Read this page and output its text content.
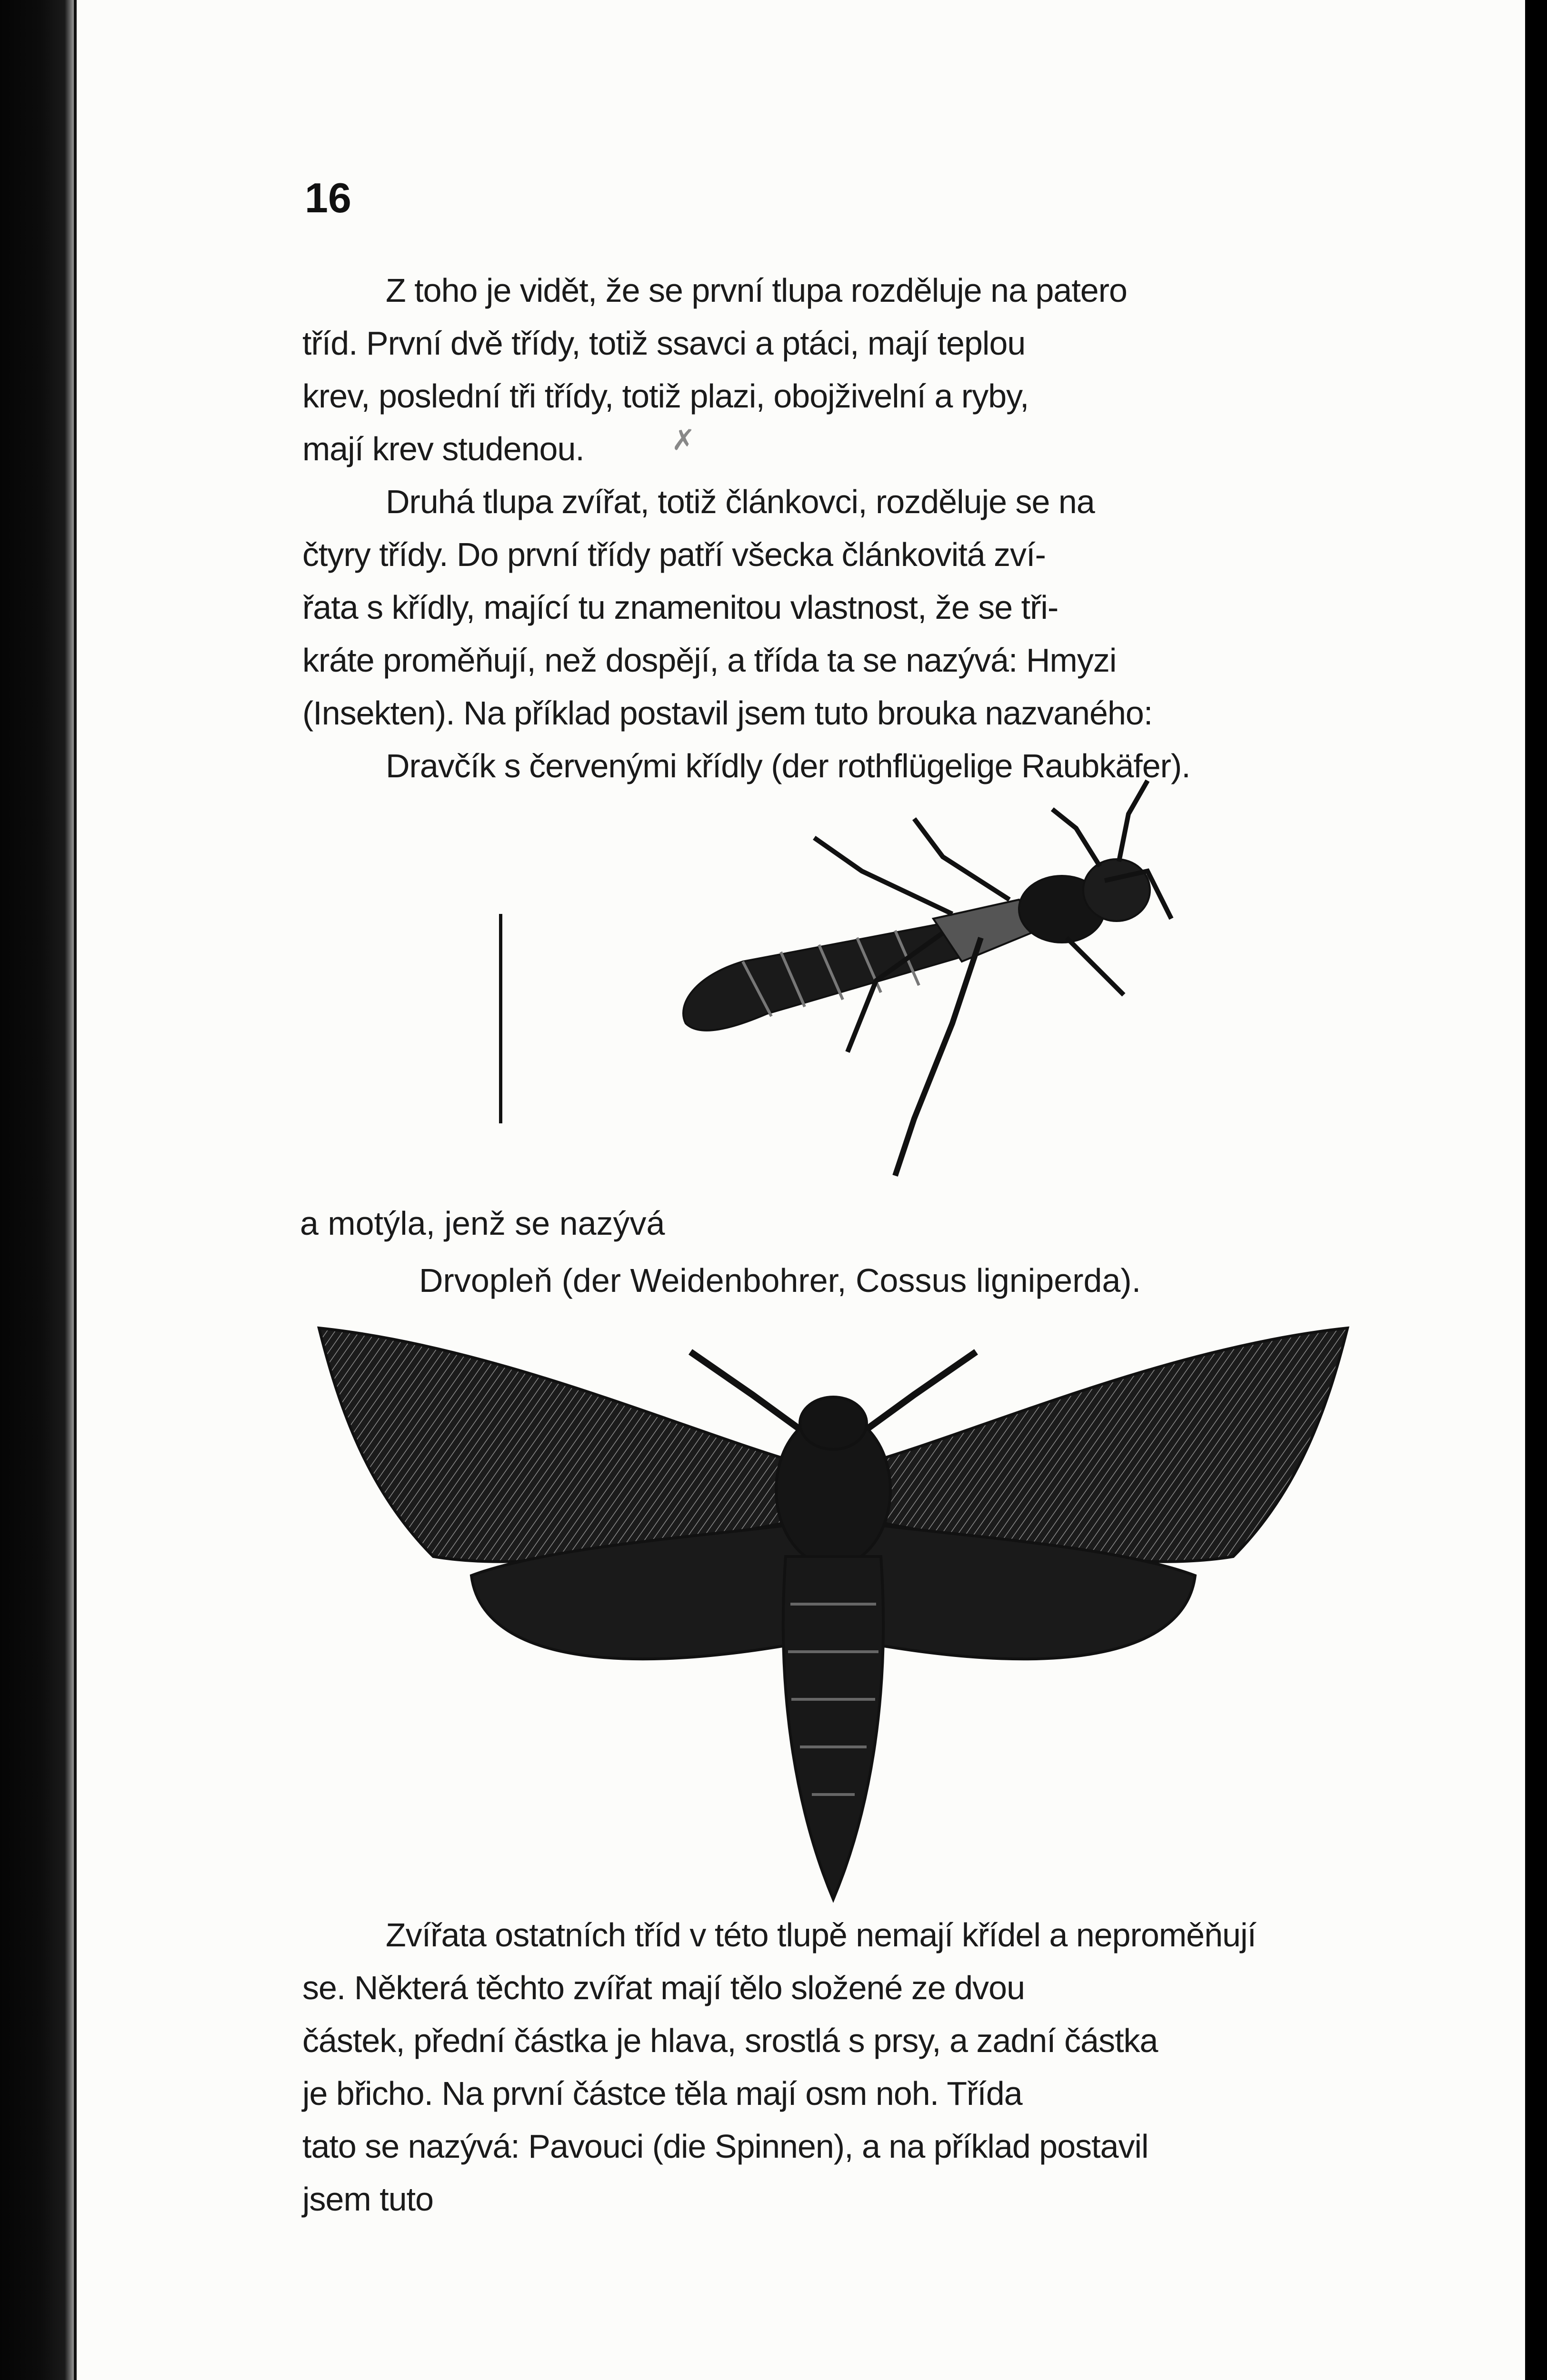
16
Z toho je vidět, že se první tlupa rozděluje na patero
tříd. První dvě třídy, totiž ssavci a ptáci, mají teplou
krev, poslední tři třídy, totiž plazi, obojživelní a ryby,
mají krev studenou.
Druhá tlupa zvířat, totiž článkovci, rozděluje se na
čtyry třídy. Do první třídy patří všecka článkovitá zví-
řata s křídly, mající tu znamenitou vlastnost, že se tři-
kráte proměňují, než dospějí, a třída ta se nazývá: Hmyzi
(Insekten). Na příklad postavil jsem tuto brouka nazvaného:
Dravčík s červenými křídly (der rothflügelige Raubkäfer).
✗
a motýla, jenž se nazývá
Drvopleň (der Weidenbohrer, Cossus ligniperda).
Zvířata ostatních tříd v této tlupě nemají křídel a neproměňují
se. Některá těchto zvířat mají tělo složené ze dvou
částek, přední částka je hlava, srostlá s prsy, a zadní částka
je břicho. Na první částce těla mají osm noh. Třída
tato se nazývá: Pavouci (die Spinnen), a na příklad postavil
jsem tuto
